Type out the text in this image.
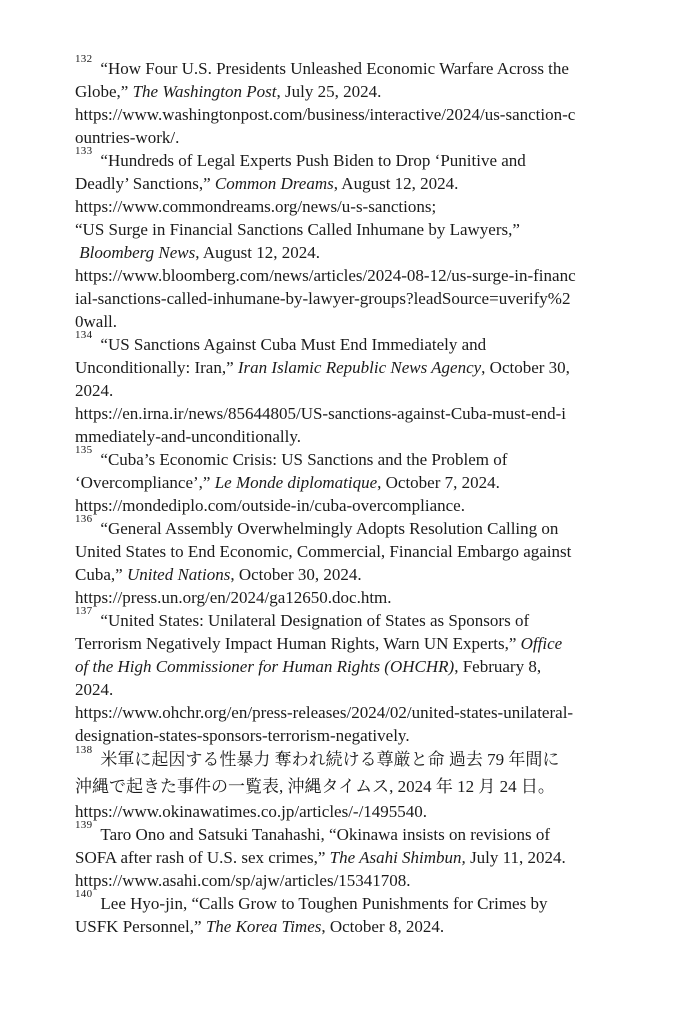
$^{132}$ “How Four U.S. Presidents Unleashed Economic Warfare Across the
Globe,” The Washington Post, July 25, 2024.
https://www.washingtonpost.com/business/interactive/2024/us-sanction-c
ountries-work/.
$^{133}$ “Hundreds of Legal Experts Push Biden to Drop ‘Punitive and
Deadly’ Sanctions,” Common Dreams, August 12, 2024.
https://www.commondreams.org/news/u-s-sanctions;
“US Surge in Financial Sanctions Called Inhumane by Lawyers,”
Bloomberg News, August 12, 2024.
https://www.bloomberg.com/news/articles/2024-08-12/us-surge-in-financ
ial-sanctions-called-inhumane-by-lawyer-groups?leadSource=uverify%2
0wall.
$^{134}$ “US Sanctions Against Cuba Must End Immediately and
Unconditionally: Iran,” Iran Islamic Republic News Agency, October 30,
2024.
https://en.irna.ir/news/85644805/US-sanctions-against-Cuba-must-end-i
mmediately-and-unconditionally.
$^{135}$ “Cuba’s Economic Crisis: US Sanctions and the Problem of
‘Overcompliance’,” Le Monde diplomatique, October 7, 2024.
https://mondediplo.com/outside-in/cuba-overcompliance.
$^{136}$ “General Assembly Overwhelmingly Adopts Resolution Calling on
United States to End Economic, Commercial, Financial Embargo against
Cuba,” United Nations, October 30, 2024.
https://press.un.org/en/2024/ga12650.doc.htm.
$^{137}$ “United States: Unilateral Designation of States as Sponsors of
Terrorism Negatively Impact Human Rights, Warn UN Experts,” Office
of the High Commissioner for Human Rights (OHCHR), February 8,
2024.
https://www.ohchr.org/en/press-releases/2024/02/united-states-unilateral-
designation-states-sponsors-terrorism-negatively.
$^{138}$ 米軍に起因する性暴力 奪われ続ける尊厳と命 過去 79 年間に
沖縄で起きた事件の一覧表, 沖縄タイムス, 2024 年 12 月 24 日。
https://www.okinawatimes.co.jp/articles/-/1495540.
$^{139}$ Taro Ono and Satsuki Tanahashi, “Okinawa insists on revisions of
SOFA after rash of U.S. sex crimes,” The Asahi Shimbun, July 11, 2024.
https://www.asahi.com/sp/ajw/articles/15341708.
$^{140}$ Lee Hyo-jin, “Calls Grow to Toughen Punishments for Crimes by
USFK Personnel,” The Korea Times, October 8, 2024.
